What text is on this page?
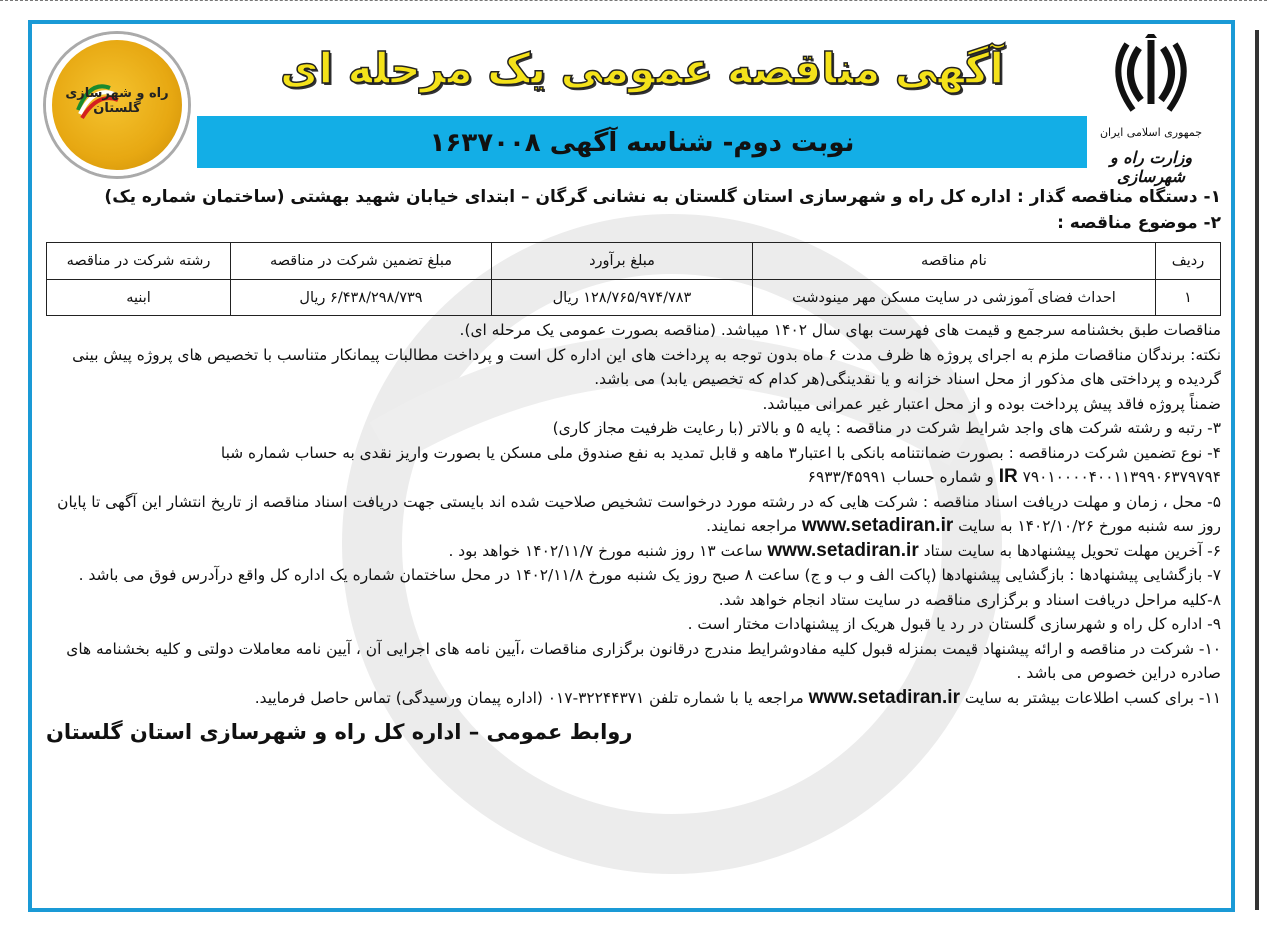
راه و شهرسازی گلستان
آگهی مناقصه عمومی یک مرحله ای
نوبت دوم- شناسه آگهی ۱۶۳۷۰۰۸	جمهوری اسلامی ایران
وزارت راه و شهرسازی
۱- دستگاه مناقصه گذار : اداره کل راه و شهرسازی استان گلستان به نشانی گرگان – ابتدای خیابان شهید بهشتی (ساختمان شماره یک)
۲- موضوع مناقصه :
ردیف	نام مناقصه	مبلغ برآورد	مبلغ تضمین شرکت در مناقصه	رشته شرکت در مناقصه
۱	احداث فضای آموزشی در سایت مسکن مهر مینودشت	۱۲۸/۷۶۵/۹۷۴/۷۸۳ ریال	۶/۴۳۸/۲۹۸/۷۳۹ ریال	ابنیه
مناقصات طبق بخشنامه سرجمع و قیمت های فهرست بهای سال ۱۴۰۲ میباشد. (مناقصه بصورت عمومی یک مرحله ای).
نکته: برندگان مناقصات ملزم به اجرای پروژه ها ظرف مدت ۶ ماه بدون توجه به پرداخت های این اداره کل است و پرداخت مطالبات پیمانکار متناسب با تخصیص های پروژه پیش بینی گردیده و پرداختی های مذکور از محل اسناد خزانه و یا نقدینگی(هر کدام که تخصیص یابد) می باشد.
ضمناً پروژه فاقد پیش پرداخت بوده و از محل اعتبار غیر عمرانی میباشد.
۳- رتبه و رشته شرکت های واجد شرایط شرکت در مناقصه : پایه ۵ و بالاتر (با رعایت ظرفیت مجاز کاری)
۴- نوع تضمین شرکت درمناقصه : بصورت ضمانتنامه بانکی با اعتبار۳ ماهه و قابل تمدید به نفع صندوق ملی مسکن یا بصورت واریز نقدی به حساب شماره شبا ۷۹۰۱۰۰۰۰۴۰۰۱۱۳۹۹۰۶۳۷۹۷۹۴ IR و شماره حساب ۶۹۳۳/۴۵۹۹۱
۵- محل ، زمان و مهلت دریافت اسناد مناقصه : شرکت هایی که در رشته مورد درخواست تشخیص صلاحیت شده اند بایستی جهت دریافت اسناد مناقصه از تاریخ انتشار این آگهی تا پایان روز سه شنبه مورخ ۱۴۰۲/۱۰/۲۶ به سایت www.setadiran.ir مراجعه نمایند.
۶- آخرین مهلت تحویل پیشنهادها به سایت ستاد www.setadiran.ir ساعت ۱۳ روز شنبه مورخ ۱۴۰۲/۱۱/۷ خواهد بود .
۷- بازگشایی پیشنهادها : بازگشایی پیشنهادها (پاکت الف و ب و ج) ساعت ۸ صبح روز یک شنبه مورخ ۱۴۰۲/۱۱/۸ در محل ساختمان شماره یک اداره کل واقع درآدرس فوق می باشد .
۸-کلیه مراحل دریافت اسناد و برگزاری مناقصه در سایت ستاد انجام خواهد شد.
۹- اداره کل راه و شهرسازی گلستان در رد یا قبول هریک از پیشنهادات مختار است .
۱۰- شرکت در مناقصه و ارائه پیشنهاد قیمت بمنزله قبول کلیه مفادوشرایط مندرج درقانون برگزاری مناقصات ،آیین نامه های اجرایی آن ، آیین نامه معاملات دولتی و کلیه بخشنامه های صادره دراین خصوص می باشد .
۱۱- برای کسب اطلاعات بیشتر به سایت www.setadiran.ir مراجعه یا با شماره تلفن ۳۲۲۴۴۳۷۱-۰۱۷ (اداره پیمان ورسیدگی) تماس حاصل فرمایید.
روابط عمومی – اداره کل راه و شهرسازی استان گلستان
